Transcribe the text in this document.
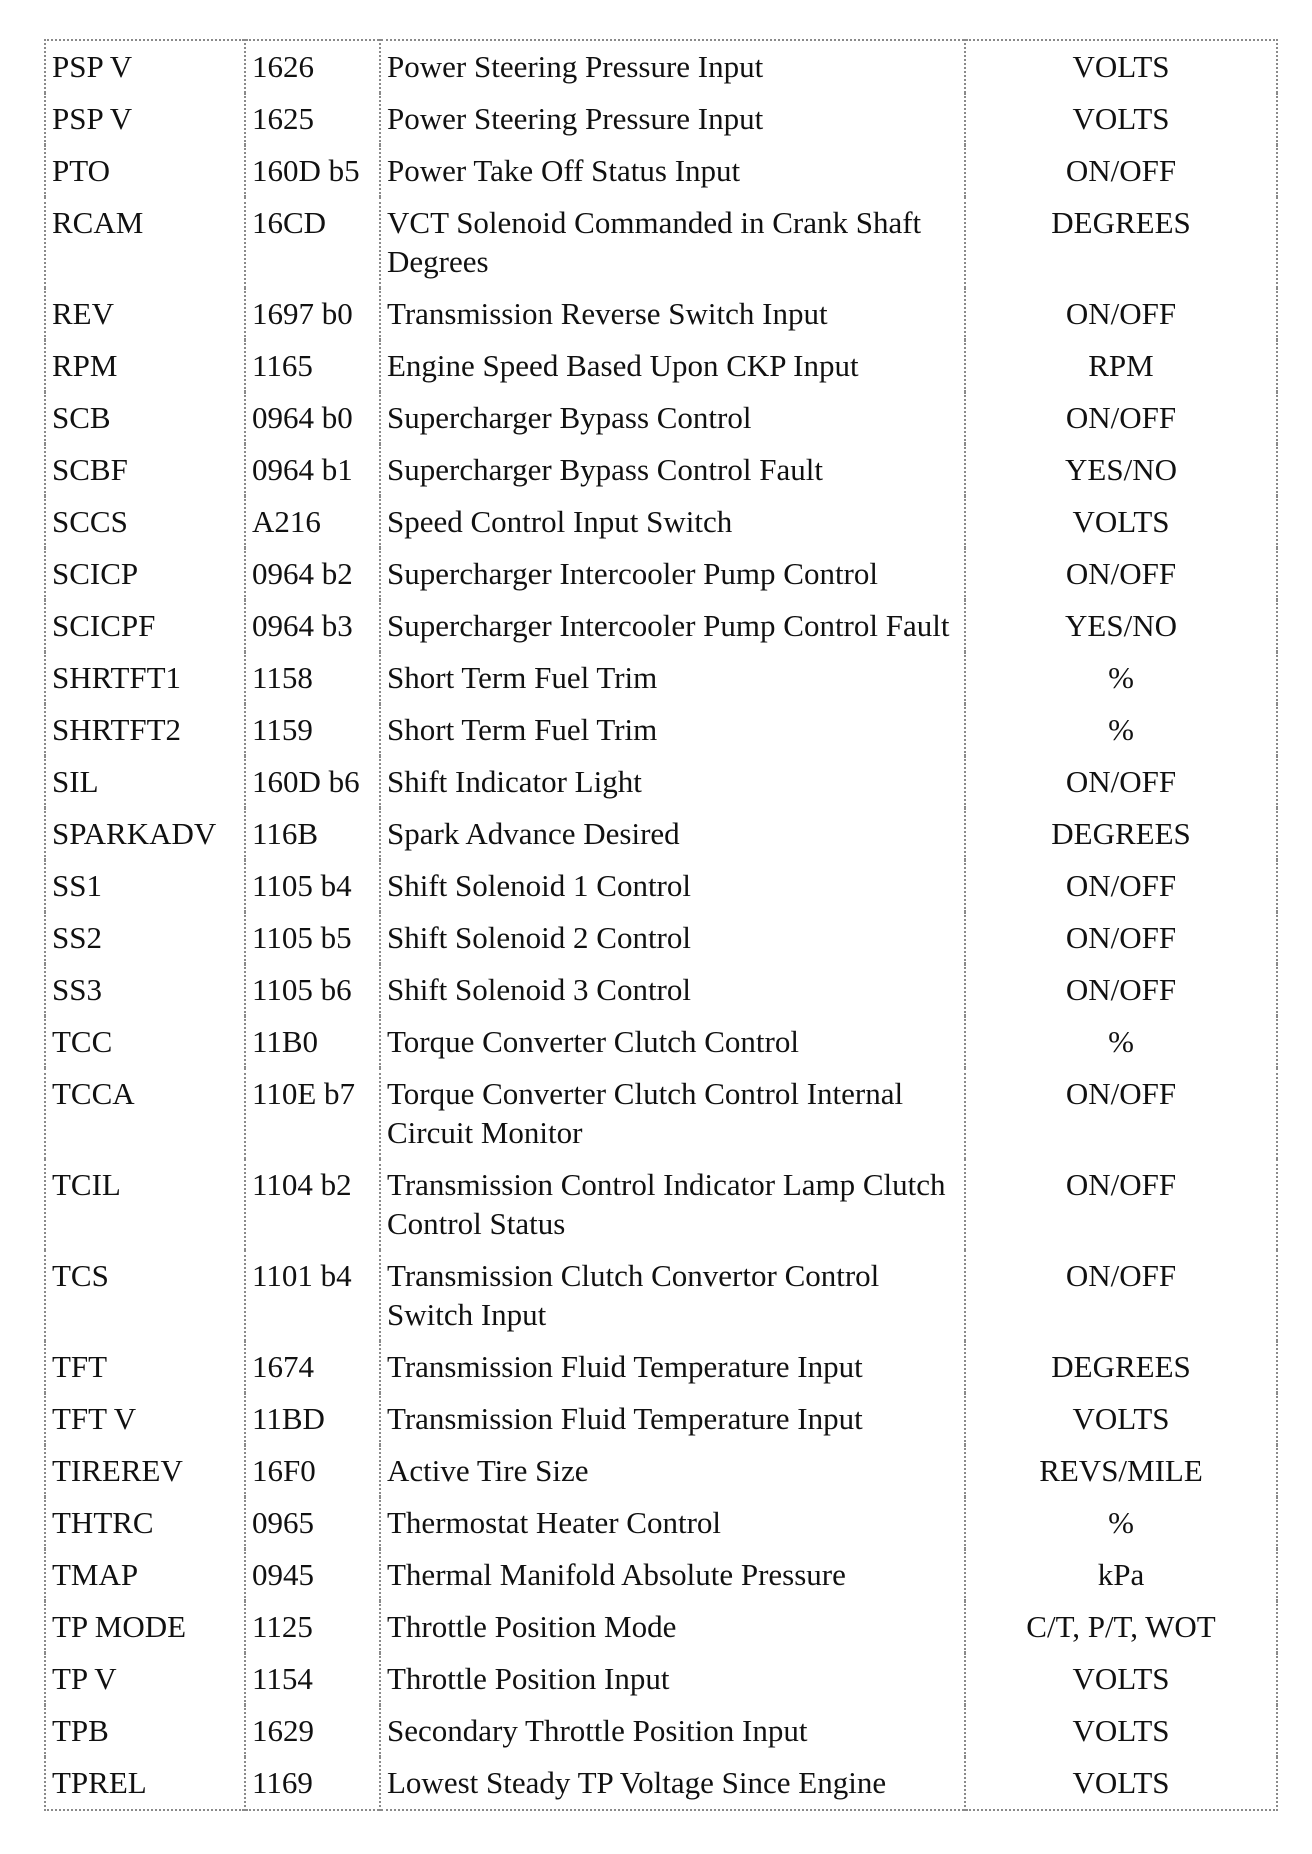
PSP V	1626	Power Steering Pressure Input	VOLTS
PSP V	1625	Power Steering Pressure Input	VOLTS
PTO	160D b5	Power Take Off Status Input	ON/OFF
RCAM	16CD	VCT Solenoid Commanded in Crank Shaft Degrees	DEGREES
REV	1697 b0	Transmission Reverse Switch Input	ON/OFF
RPM	1165	Engine Speed Based Upon CKP Input	RPM
SCB	0964 b0	Supercharger Bypass Control	ON/OFF
SCBF	0964 b1	Supercharger Bypass Control Fault	YES/NO
SCCS	A216	Speed Control Input Switch	VOLTS
SCICP	0964 b2	Supercharger Intercooler Pump Control	ON/OFF
SCICPF	0964 b3	Supercharger Intercooler Pump Control Fault	YES/NO
SHRTFT1	1158	Short Term Fuel Trim	%
SHRTFT2	1159	Short Term Fuel Trim	%
SIL	160D b6	Shift Indicator Light	ON/OFF
SPARKADV	116B	Spark Advance Desired	DEGREES
SS1	1105 b4	Shift Solenoid 1 Control	ON/OFF
SS2	1105 b5	Shift Solenoid 2 Control	ON/OFF
SS3	1105 b6	Shift Solenoid 3 Control	ON/OFF
TCC	11B0	Torque Converter Clutch Control	%
TCCA	110E b7	Torque Converter Clutch Control Internal Circuit Monitor	ON/OFF
TCIL	1104 b2	Transmission Control Indicator Lamp Clutch Control Status	ON/OFF
TCS	1101 b4	Transmission Clutch Convertor Control Switch Input	ON/OFF
TFT	1674	Transmission Fluid Temperature Input	DEGREES
TFT V	11BD	Transmission Fluid Temperature Input	VOLTS
TIREREV	16F0	Active Tire Size	REVS/MILE
THTRC	0965	Thermostat Heater Control	%
TMAP	0945	Thermal Manifold Absolute Pressure	kPa
TP MODE	1125	Throttle Position Mode	C/T, P/T, WOT
TP V	1154	Throttle Position Input	VOLTS
TPB	1629	Secondary Throttle Position Input	VOLTS
TPREL	1169	Lowest Steady TP Voltage Since Engine	VOLTS
